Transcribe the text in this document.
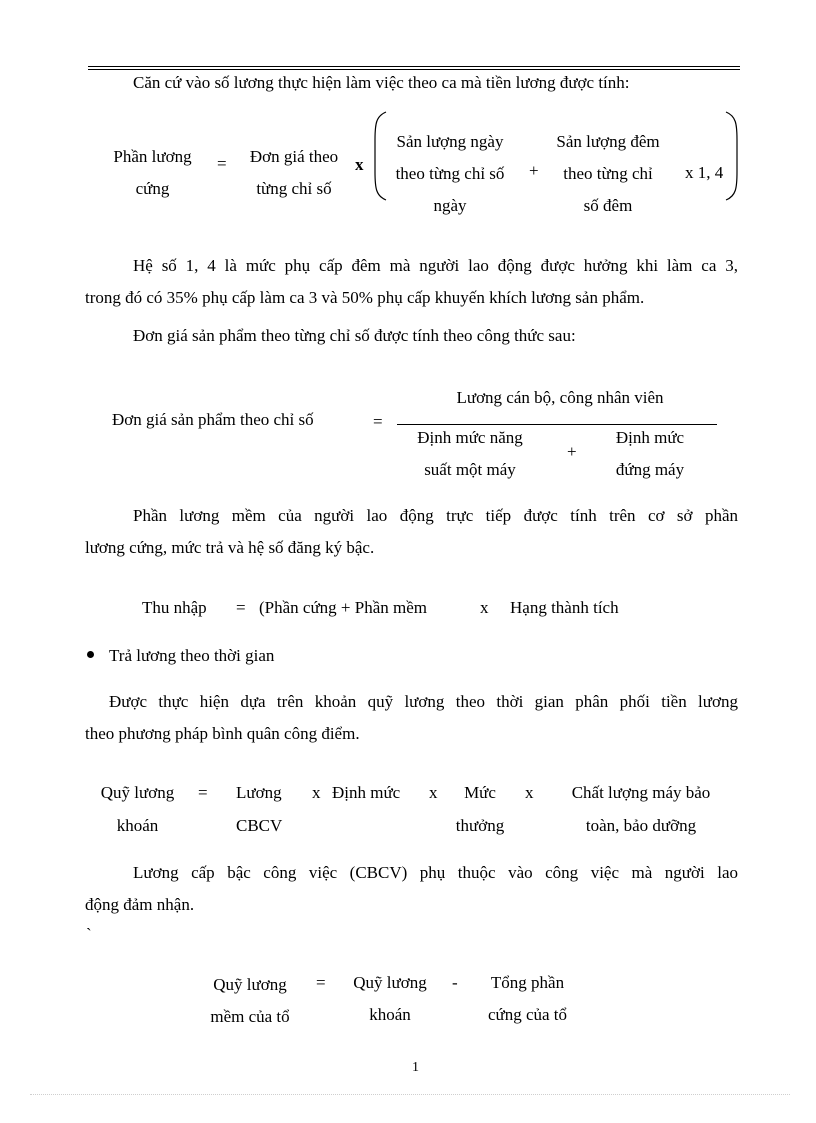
Căn cứ vào số lương thực hiện làm việc theo ca mà tiền lương được tính:
Phần lương
cứng
=	Đơn giá theo
từng chỉ số
x
Sản lượng ngày
theo từng chỉ số
ngày
+
Sản lượng đêm
theo từng chỉ
số đêm
x 1, 4
Hệ số 1, 4 là mức phụ cấp đêm mà người lao động được hưởng khi làm ca 3,
trong đó có 35% phụ cấp làm ca 3 và 50% phụ cấp khuyến khích lương sản phẩm.
Đơn giá sản phẩm theo từng chỉ số được tính theo công thức sau:
Đơn giá sản phẩm theo chỉ số	=
Lương cán bộ, công nhân viên
Định mức năng
suất một máy
+
Định mức
đứng máy
Phần lương mềm của người lao động trực tiếp được tính trên cơ sở phần
lương cứng, mức trả và hệ số đăng ký bậc.
Thu nhập = (Phần cứng + Phần mềm	x Hạng thành tích
Trả lương theo thời gian
Được thực hiện dựa trên khoản quỹ lương theo thời gian phân phối tiền lương
theo phương pháp bình quân công điểm.
Quỹ lương
khoán
= Lương
CBCV
x Định mức x	Mức
thưởng
x	Chất lượng máy bảo
toàn, bảo dưỡng
Lương cấp bậc công việc (CBCV) phụ thuộc vào công việc mà người lao
động đảm nhận.
`
Quỹ lương
mềm của tổ
=	Quỹ lương
khoán
-	Tổng phần
cứng của tổ
1
